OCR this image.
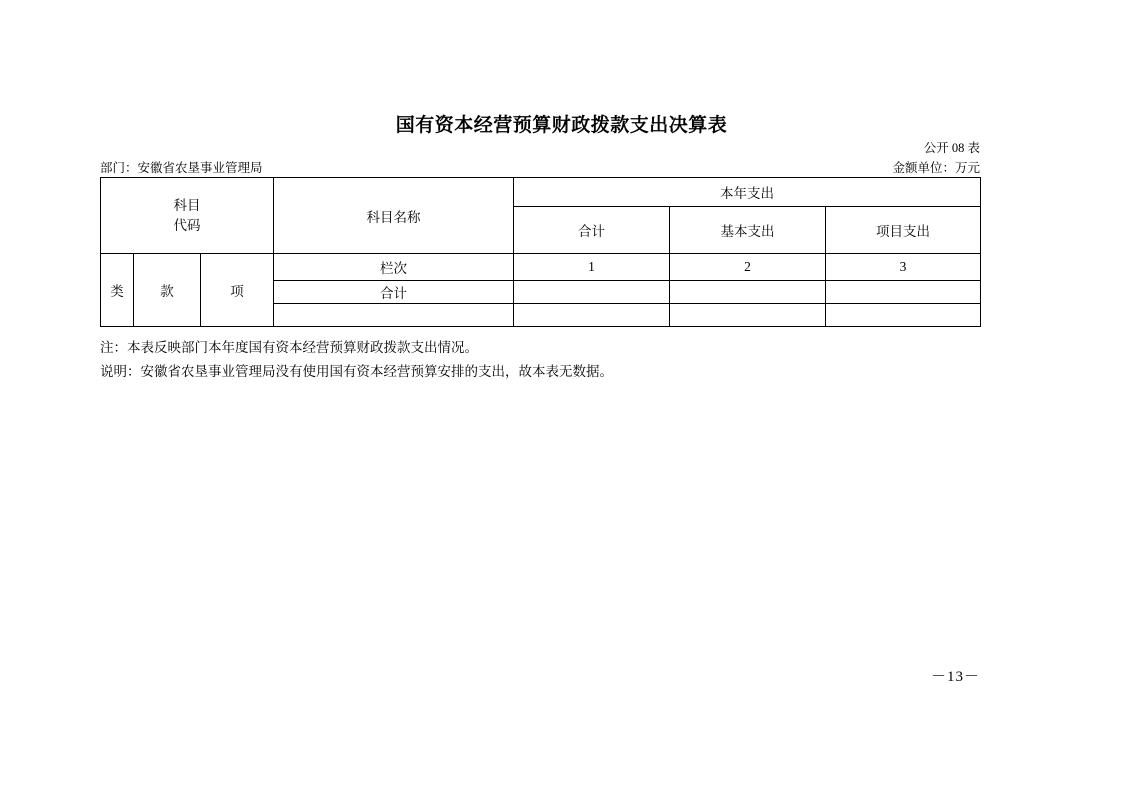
国有资本经营预算财政拨款支出决算表
公开 08 表
部门：安徽省农垦事业管理局	金额单位：万元
科目
代码			科目名称	本年支出		
				合计	基本支出	项目支出
类	款	项	栏次	1	2	3
			合计			

注：本表反映部门本年度国有资本经营预算财政拨款支出情况。
说明：安徽省农垦事业管理局没有使用国有资本经营预算安排的支出，故本表无数据。
－13－
